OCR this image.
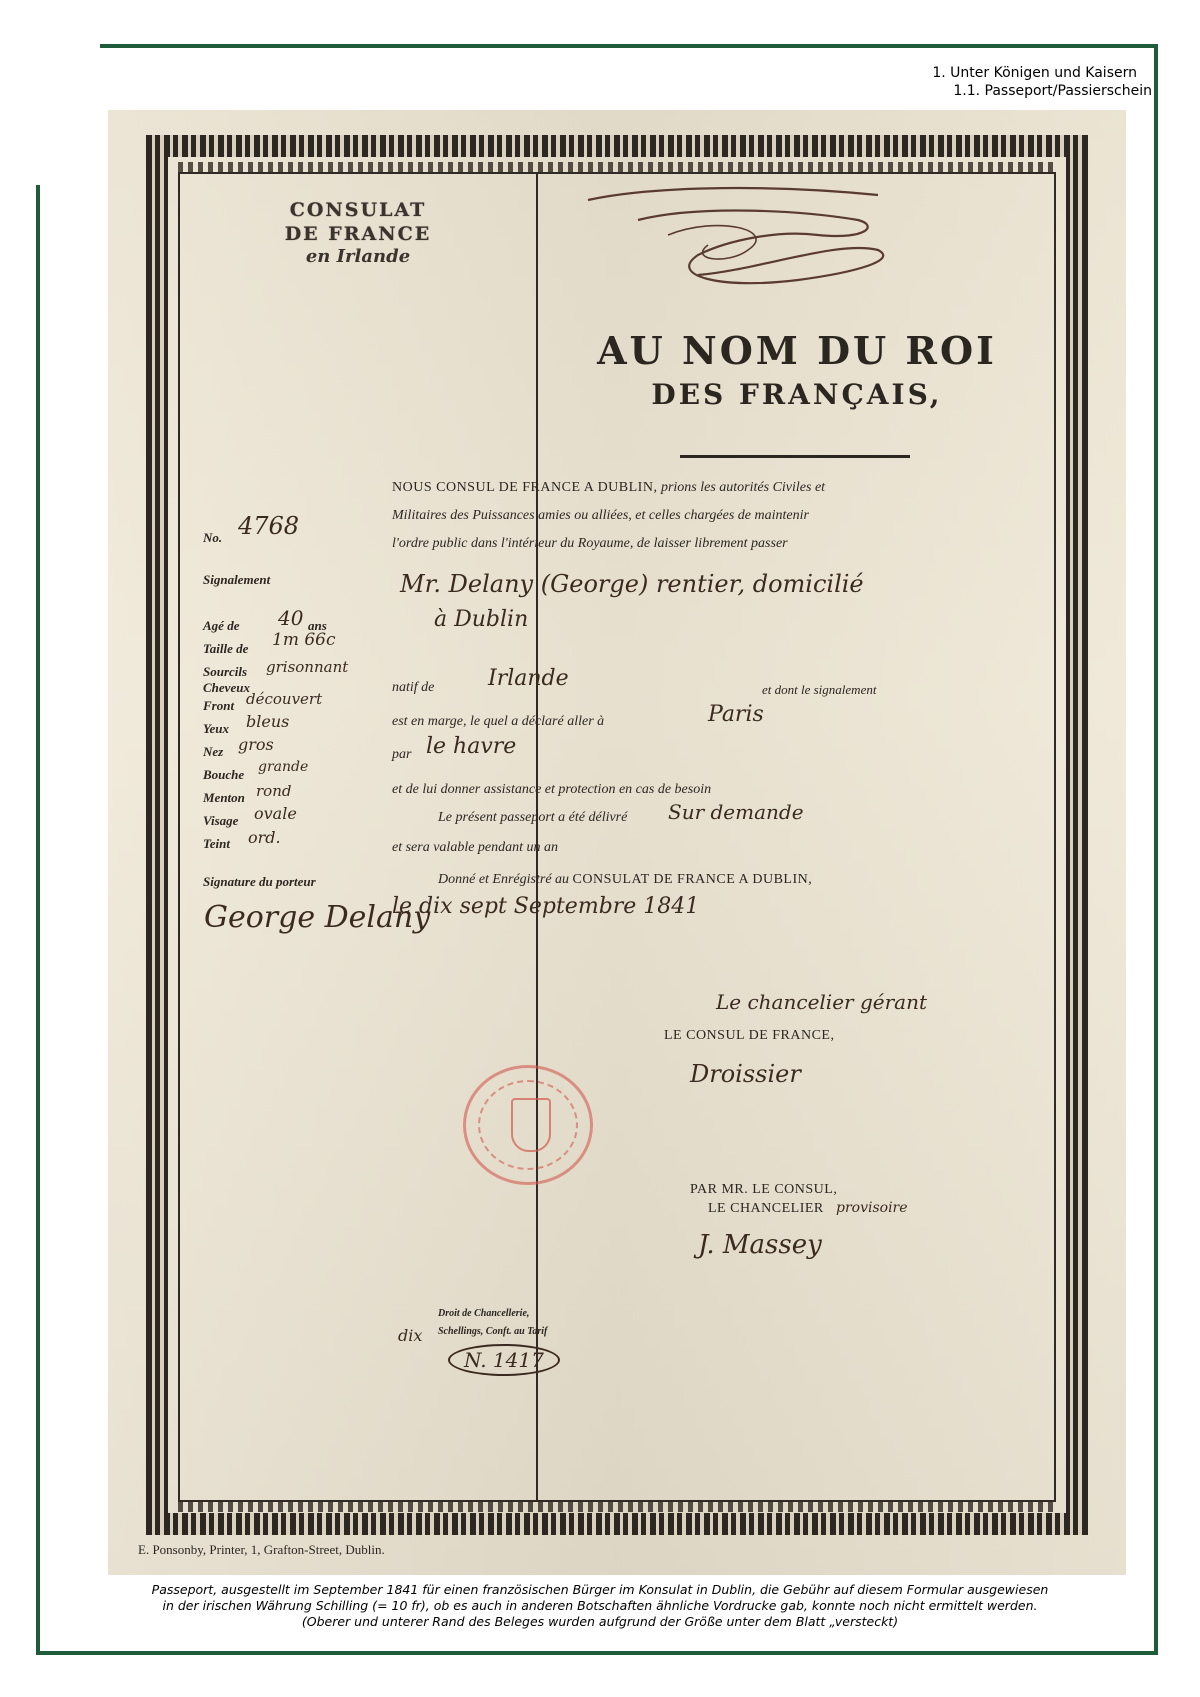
1. Unter Königen und Kaisern
1.1. Passeport/Passierschein
CONSULAT
DE FRANCE
en Irlande
AU NOM DU ROI
DES FRANÇAIS,
NOUS CONSUL DE FRANCE A DUBLIN, prions les autorités Civiles et
Militaires des Puissances amies ou alliées, et celles chargées de maintenir
l'ordre public dans l'intérieur du Royaume, de laisser librement passer
Mr. Delany (George) rentier, domicilié
à Dublin
natif de Irlande	et dont le signalement
est en marge, le quel a déclaré aller à	Paris
par le havre
et de lui donner assistance et protection en cas de besoin
Le présent passeport a été délivré Sur demande
et sera valable pendant un an
Donné et Enrégistré au CONSULAT DE FRANCE A DUBLIN,
le dix sept Septembre 1841
Le chancelier gérant
LE CONSUL DE FRANCE,
Droissier
PAR MR. LE CONSUL,
LE CHANCELIER provisoire
J. Massey
No. 4768
Signalement
Agé de 40 ans
Taille de 1m 66c
Sourcils grisonnant
Cheveux
Front découvert
Yeux bleus
Nez gros
Bouche grande
Menton rond
Visage ovale
Teint ord.
Signature du porteur
George Delany
Droit de Chancellerie,
Schellings, Conft. au Tarif
dix
N. 1417
E. Ponsonby, Printer, 1, Grafton-Street, Dublin.
Passeport, ausgestellt im September 1841 für einen französischen Bürger im Konsulat in Dublin, die Gebühr auf diesem Formular ausgewiesen
in der irischen Währung Schilling (= 10 fr), ob es auch in anderen Botschaften ähnliche Vordrucke gab, konnte noch nicht ermittelt werden.
(Oberer und unterer Rand des Beleges wurden aufgrund der Größe unter dem Blatt „versteckt)
